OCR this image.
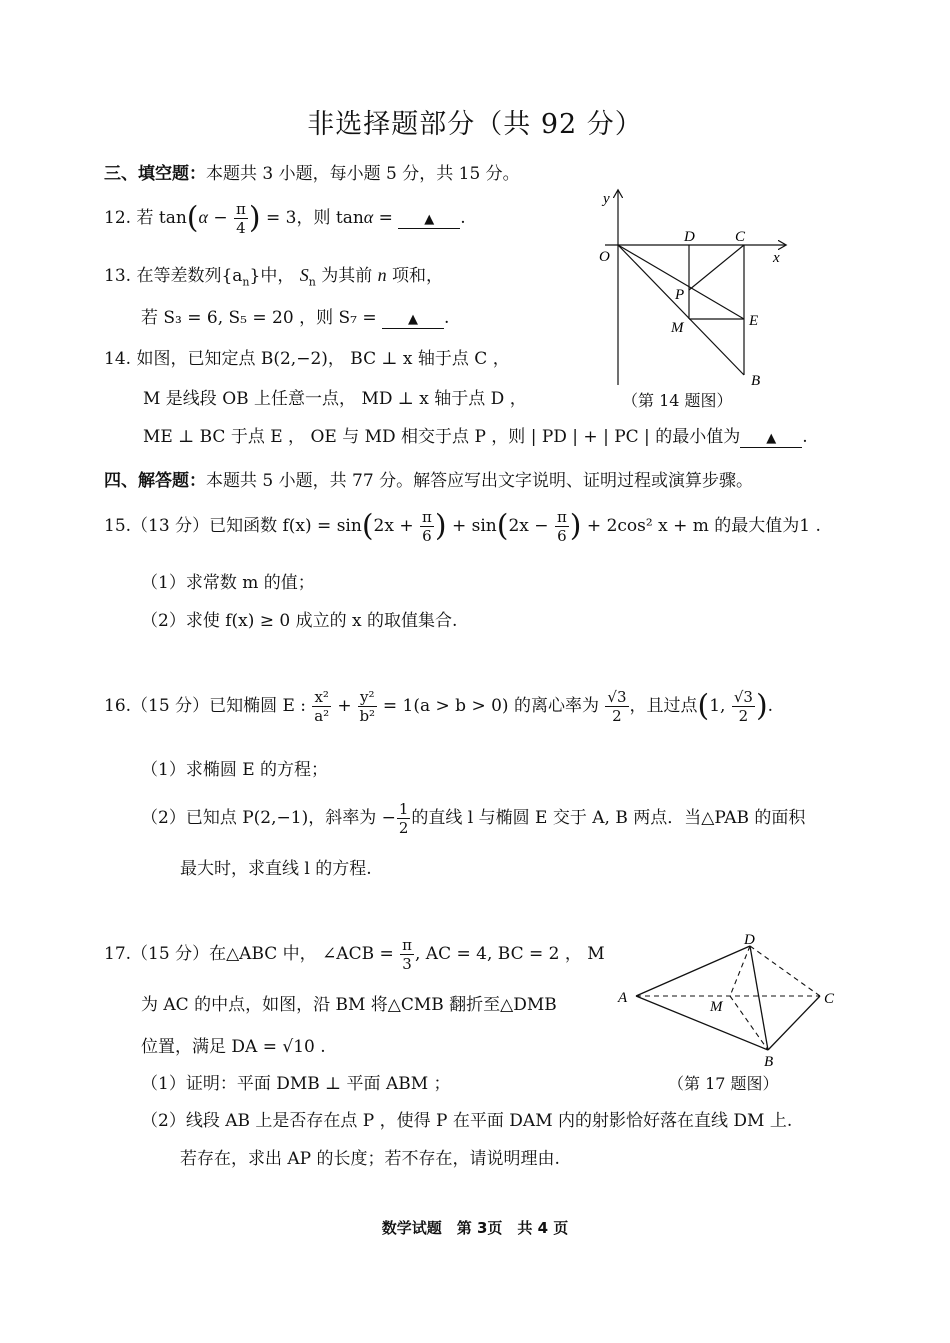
非选择题部分（共 92 分）
三、填空题：本题共 3 小题，每小题 5 分，共 15 分。
12. 若 $\tan(\alpha - \frac{\pi}{4}$ ) = 3，则 tanα = ▲ .
13. 在等差数列$\{a_n\}$中， $S_n$ 为其前 n 项和，
若 S₃ = 6, S₅ = 20 ，则 S₇ = ▲ .
14. 如图，已知定点 B(2,−2)， BC ⊥ x 轴于点 C ，
M 是线段 OB 上任意一点， MD ⊥ x 轴于点 D ，
ME ⊥ BC 于点 E ， OE 与 MD 相交于点 P ，则 | PD | + | PC | 的最小值为 ▲ .
y
x
O
D	C
P
M	E
B
（第 14 题图）
四、解答题：本题共 5 小题，共 77 分。解答应写出文字说明、证明过程或演算步骤。
15.（13 分）已知函数 $f(x) = \sin(2x + \frac{\pi}{6}$ ) + $\sin(2x - \frac{\pi}{6}$ ) + 2cos² x + m 的最大值为1 .
（1）求常数 m 的值；
（2）求使 f(x) ≥ 0 成立的 x 的取值集合.
16.（15 分）已知椭圆 E : $\frac{\text{x²}}{\text{a²}} + \frac{\text{y²}}{\text{b²}} = 1(a > b > 0)$ 的离心率为 $\frac{√3}{2}$ ，且过点(1, $\frac{√3}{2}$ ).
（1）求椭圆 E 的方程；
（2）已知点 P(2,−1)，斜率为 − $\frac{1}{2}$ 的直线 l 与椭圆 E 交于 A, B 两点．当△PAB 的面积
最大时，求直线 l 的方程.
17.（15 分）在△ABC 中， ∠ACB = $\frac{\pi}{3}$ , AC = 4, BC = 2 ， M
为 AC 的中点，如图，沿 BM 将△CMB 翻折至△DMB
位置，满足 DA = √10 .
（1）证明：平面 DMB ⊥ 平面 ABM ；
（2）线段 AB 上是否存在点 P ，使得 P 在平面 DAM 内的射影恰好落在直线 DM 上.
若存在，求出 AP 的长度；若不存在，请说明理由.
D
A
M	C
B
（第 17 题图）
数学试题　第 3页　共 4 页
